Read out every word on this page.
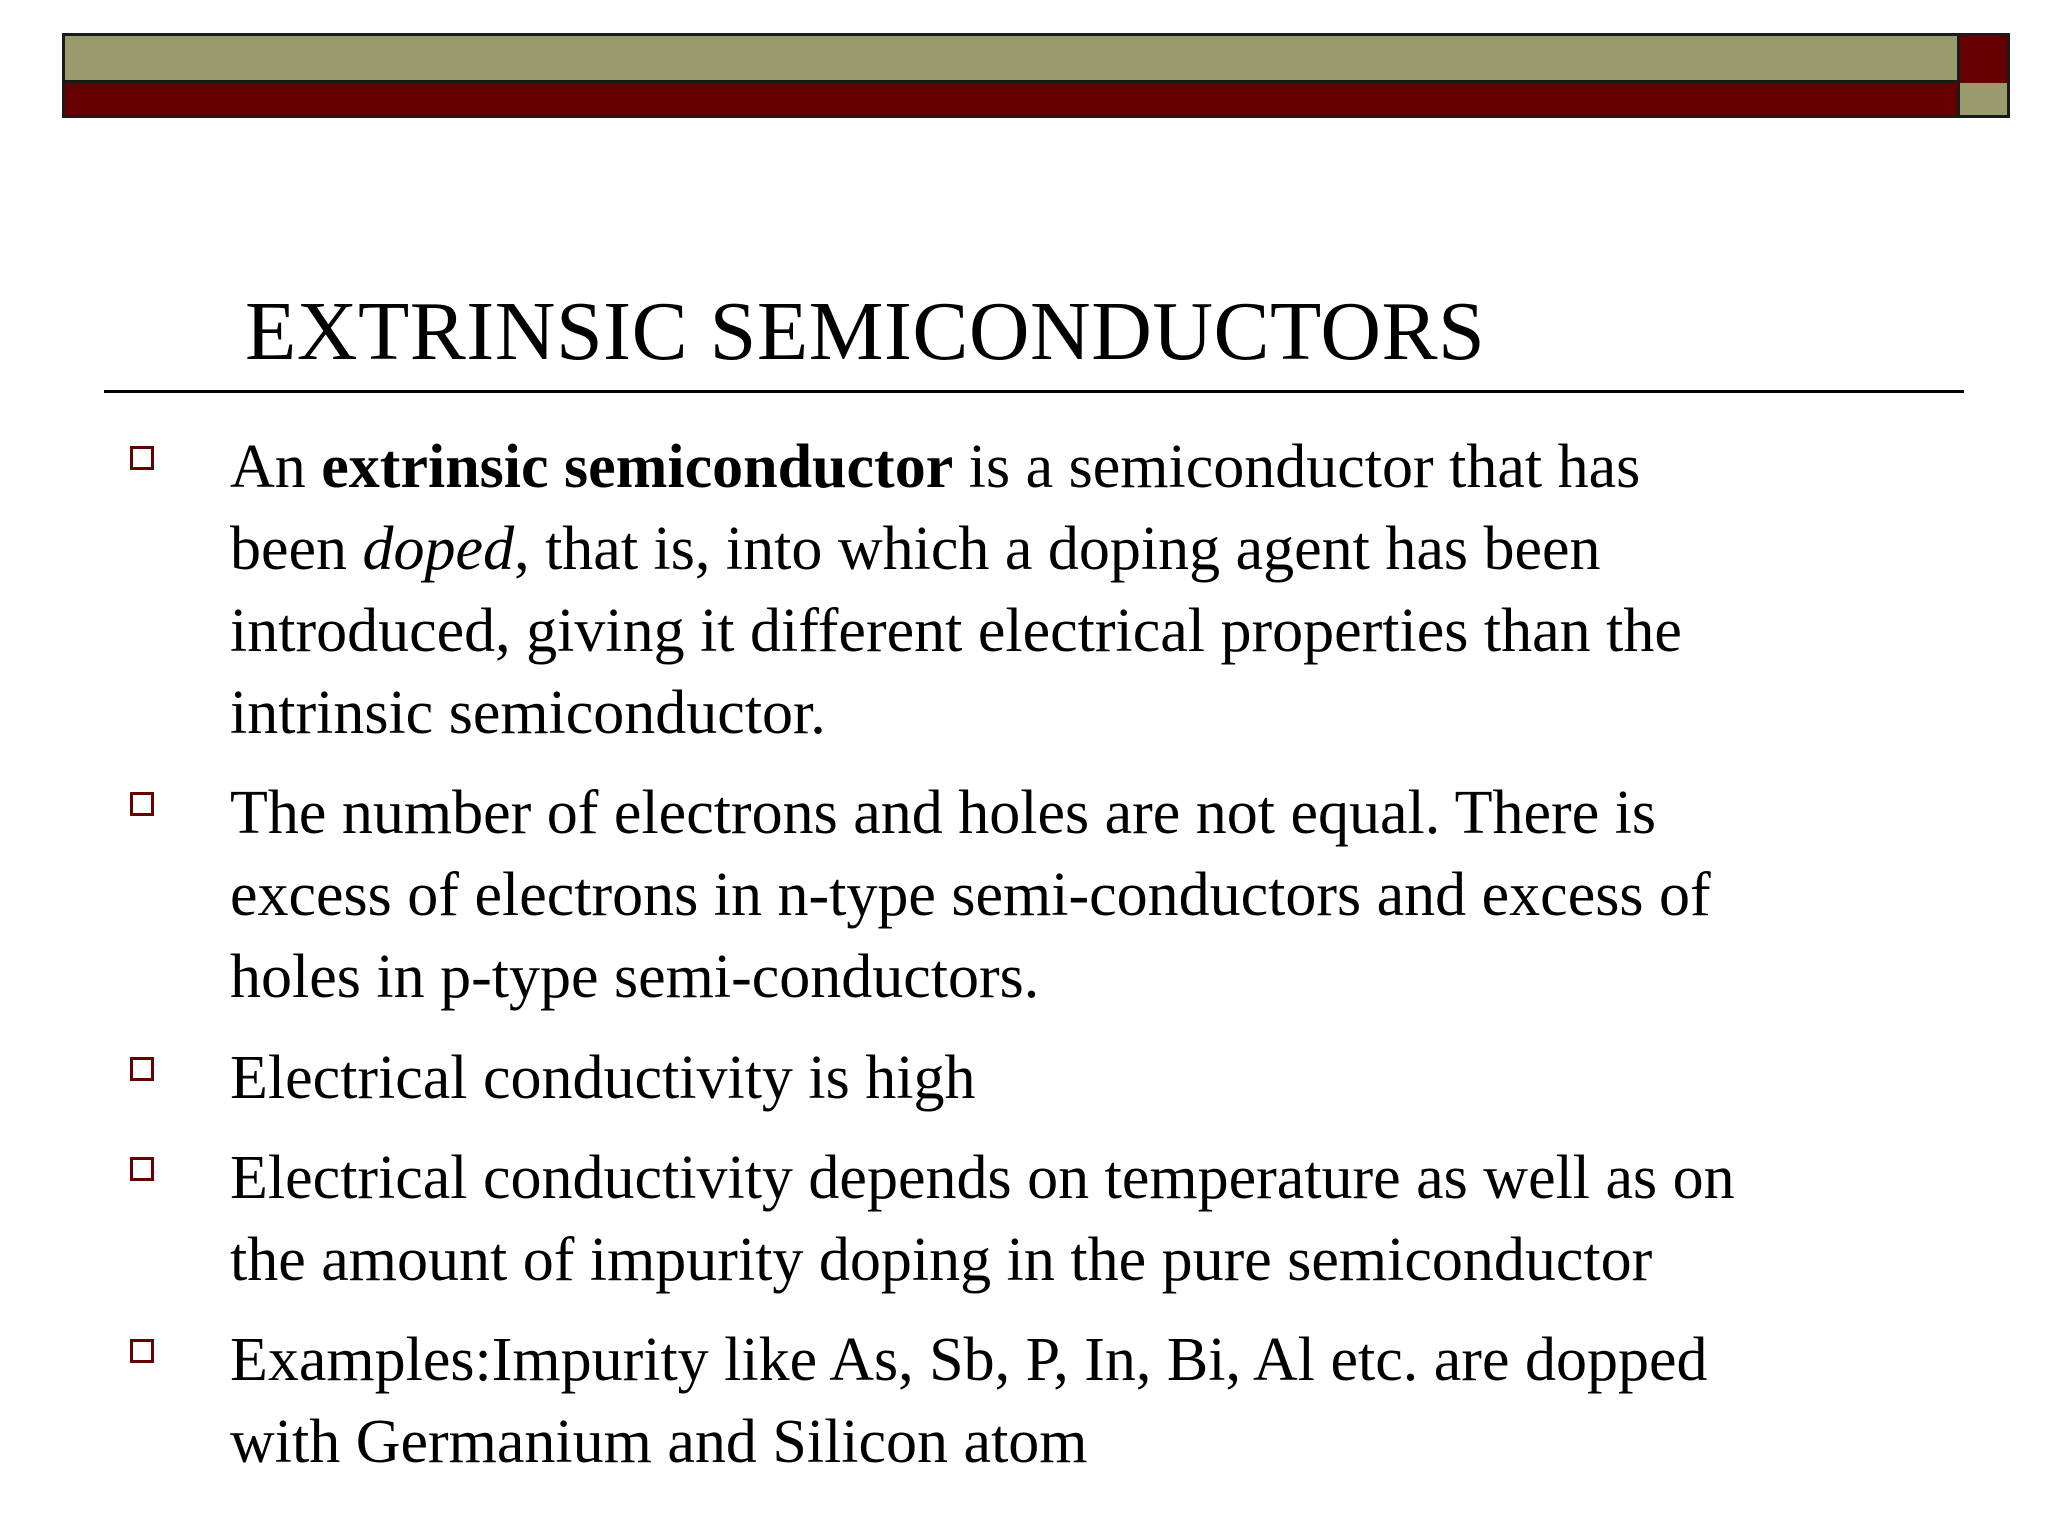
EXTRINSIC SEMICONDUCTORS
An extrinsic semiconductor is a semiconductor that has
been doped, that is, into which a doping agent has been
introduced, giving it different electrical properties than the
intrinsic semiconductor.
The number of electrons and holes are not equal. There is
excess of electrons in n-type semi-conductors and excess of
holes in p-type semi-conductors.
Electrical conductivity is high
Electrical conductivity depends on temperature as well as on
the amount of impurity doping in the pure semiconductor
Examples:Impurity like As, Sb, P, In, Bi, Al etc. are dopped
with Germanium and Silicon atom
